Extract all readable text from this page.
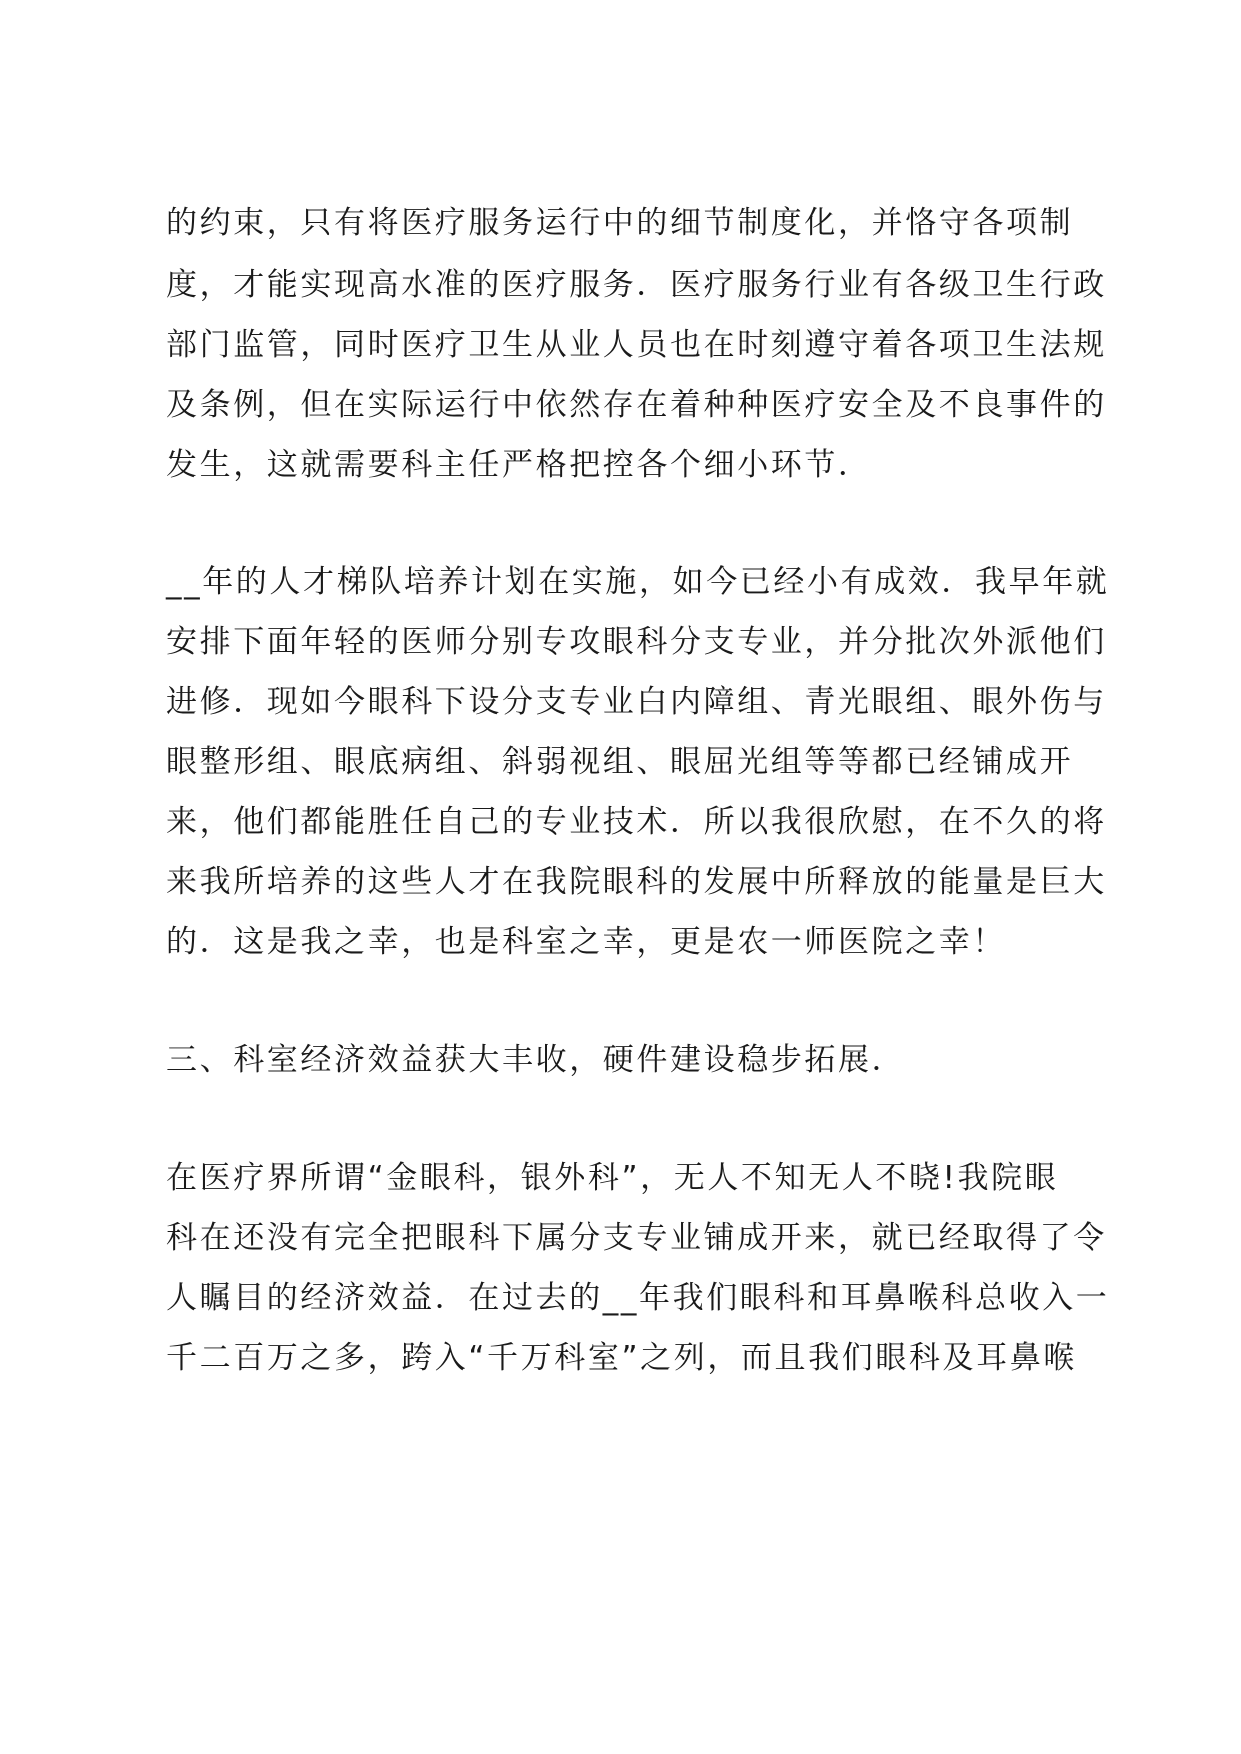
的约束，只有将医疗服务运行中的细节制度化，并恪守各项制
度，才能实现高水准的医疗服务．医疗服务行业有各级卫生行政
部门监管，同时医疗卫生从业人员也在时刻遵守着各项卫生法规
及条例，但在实际运行中依然存在着种种医疗安全及不良事件的
发生，这就需要科主任严格把控各个细小环节．
__年的人才梯队培养计划在实施，如今已经小有成效．我早年就
安排下面年轻的医师分别专攻眼科分支专业，并分批次外派他们
进修．现如今眼科下设分支专业白内障组、青光眼组、眼外伤与
眼整形组、眼底病组、斜弱视组、眼屈光组等等都已经铺成开
来，他们都能胜任自己的专业技术．所以我很欣慰，在不久的将
来我所培养的这些人才在我院眼科的发展中所释放的能量是巨大
的．这是我之幸，也是科室之幸，更是农一师医院之幸！
三、科室经济效益获大丰收，硬件建设稳步拓展．
在医疗界所谓“金眼科，银外科”，无人不知无人不晓!我院眼
科在还没有完全把眼科下属分支专业铺成开来，就已经取得了令
人瞩目的经济效益．在过去的__年我们眼科和耳鼻喉科总收入一
千二百万之多，跨入“千万科室”之列，而且我们眼科及耳鼻喉
